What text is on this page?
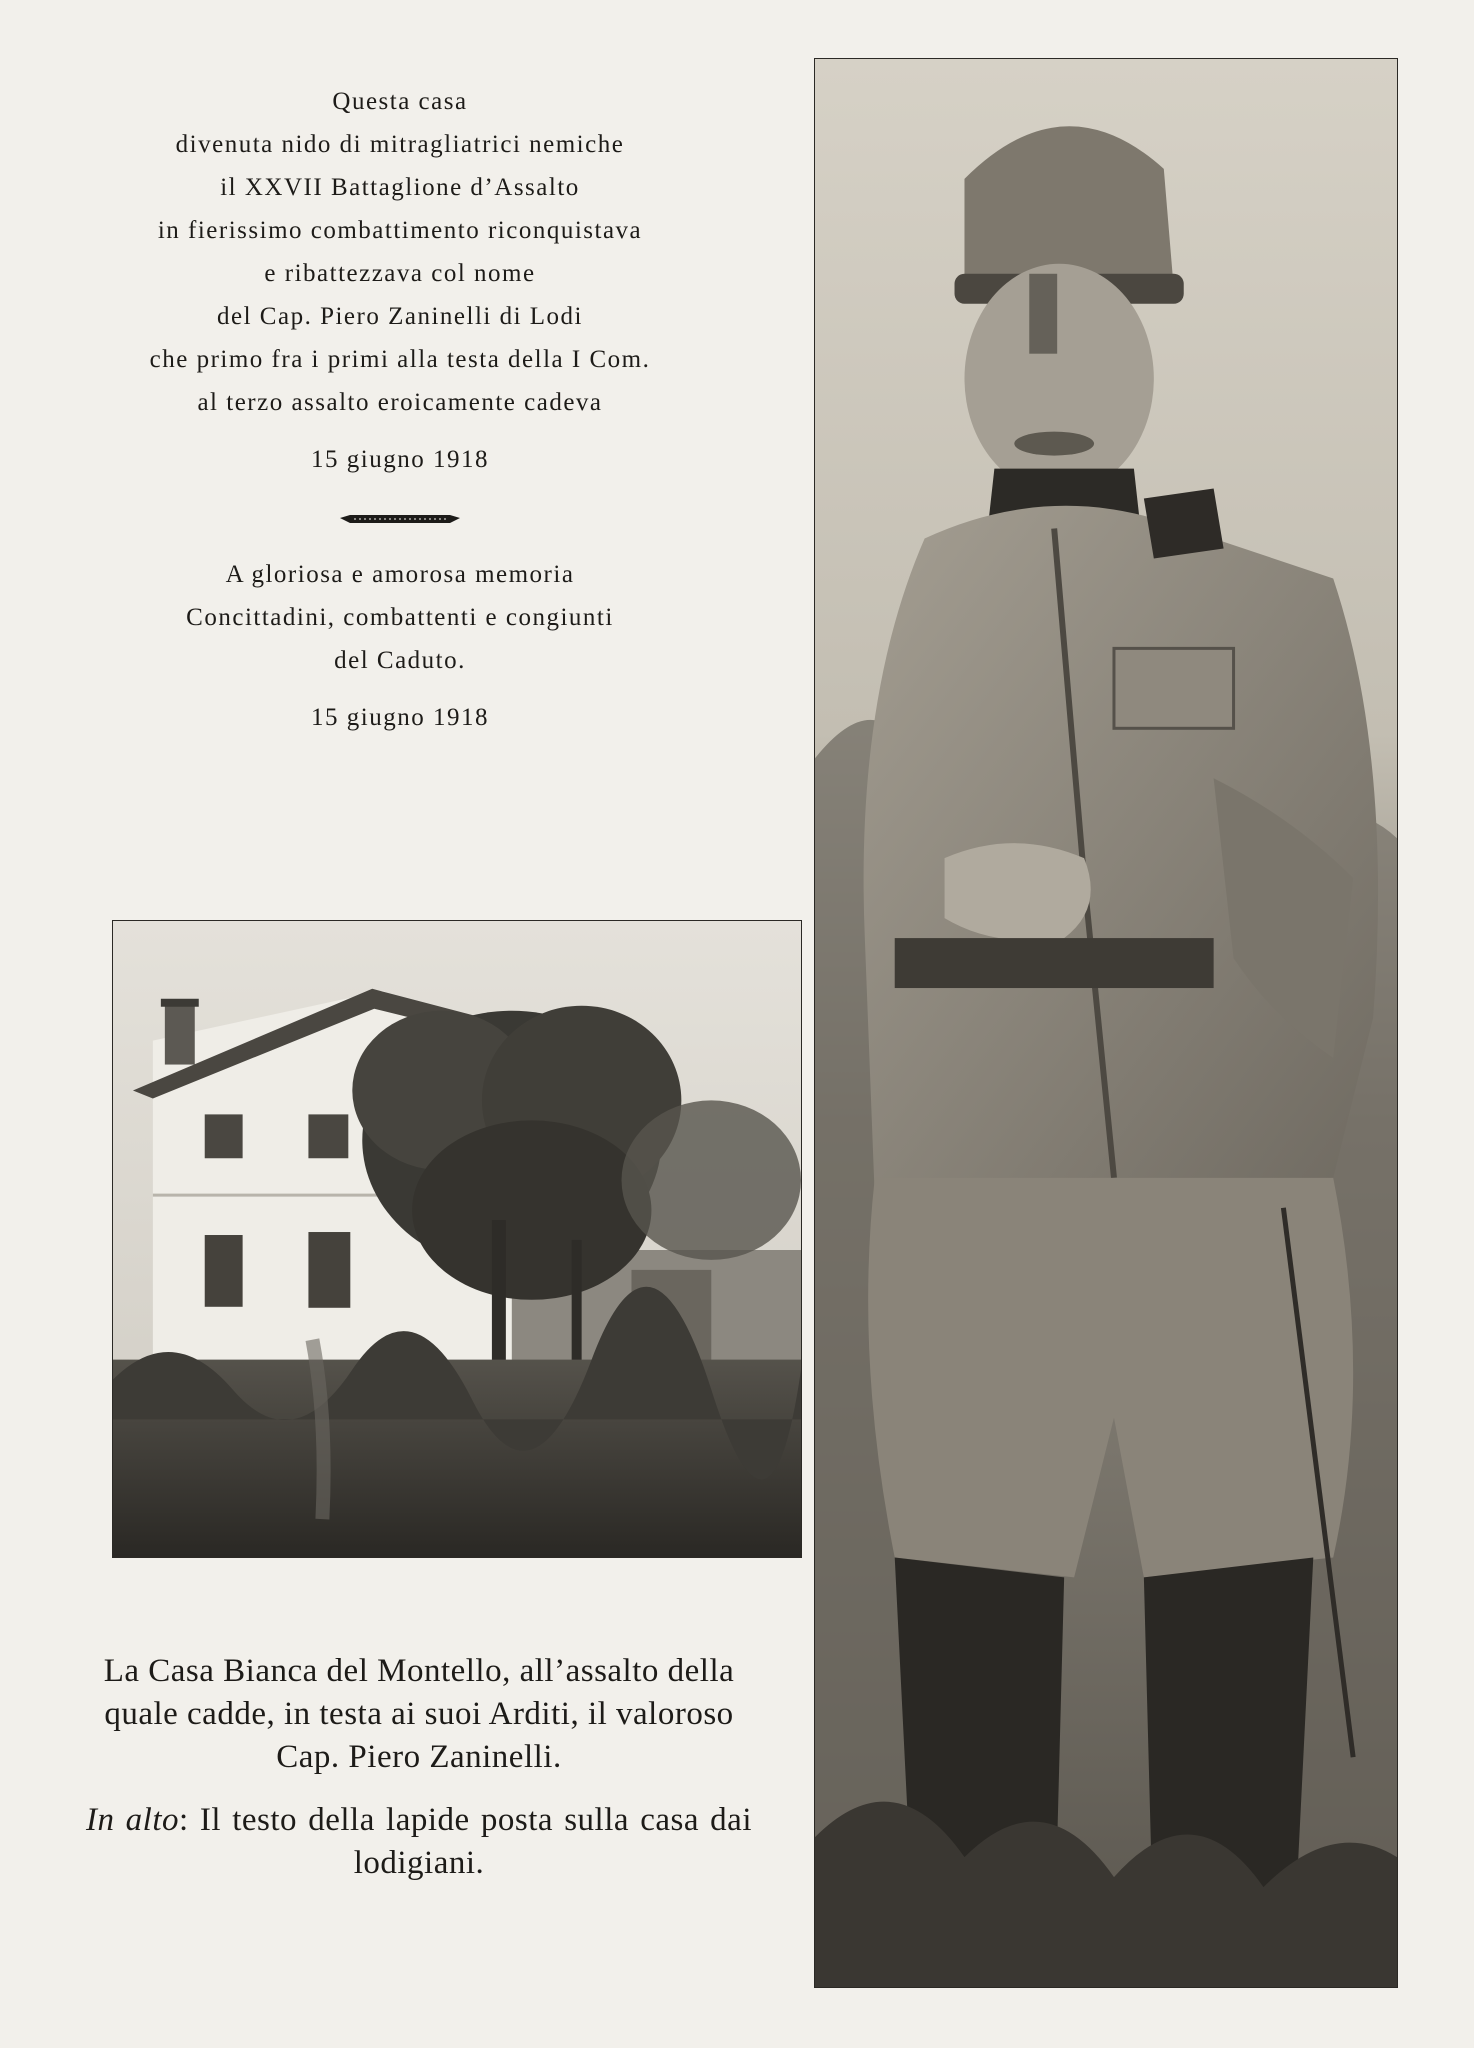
Questa casa

divenuta nido di mitragliatrici nemiche

il XXVII Battaglione d’Assalto

in fierissimo combattimento riconquistava

e ribattezzava col nome

del Cap. Piero Zaninelli di Lodi

che primo fra i primi alla testa della I Com.

al terzo assalto eroicamente cadeva

15 giugno 1918

A gloriosa e amorosa memoria

Concittadini, combattenti e congiunti

del Caduto.

15 giugno 1918

La Casa Bianca del Montello, all’assalto della quale cadde, in testa ai suoi Arditi, il valoroso Cap. Piero Zaninelli.

In alto: Il testo della lapide posta sulla casa dai lodigiani.
